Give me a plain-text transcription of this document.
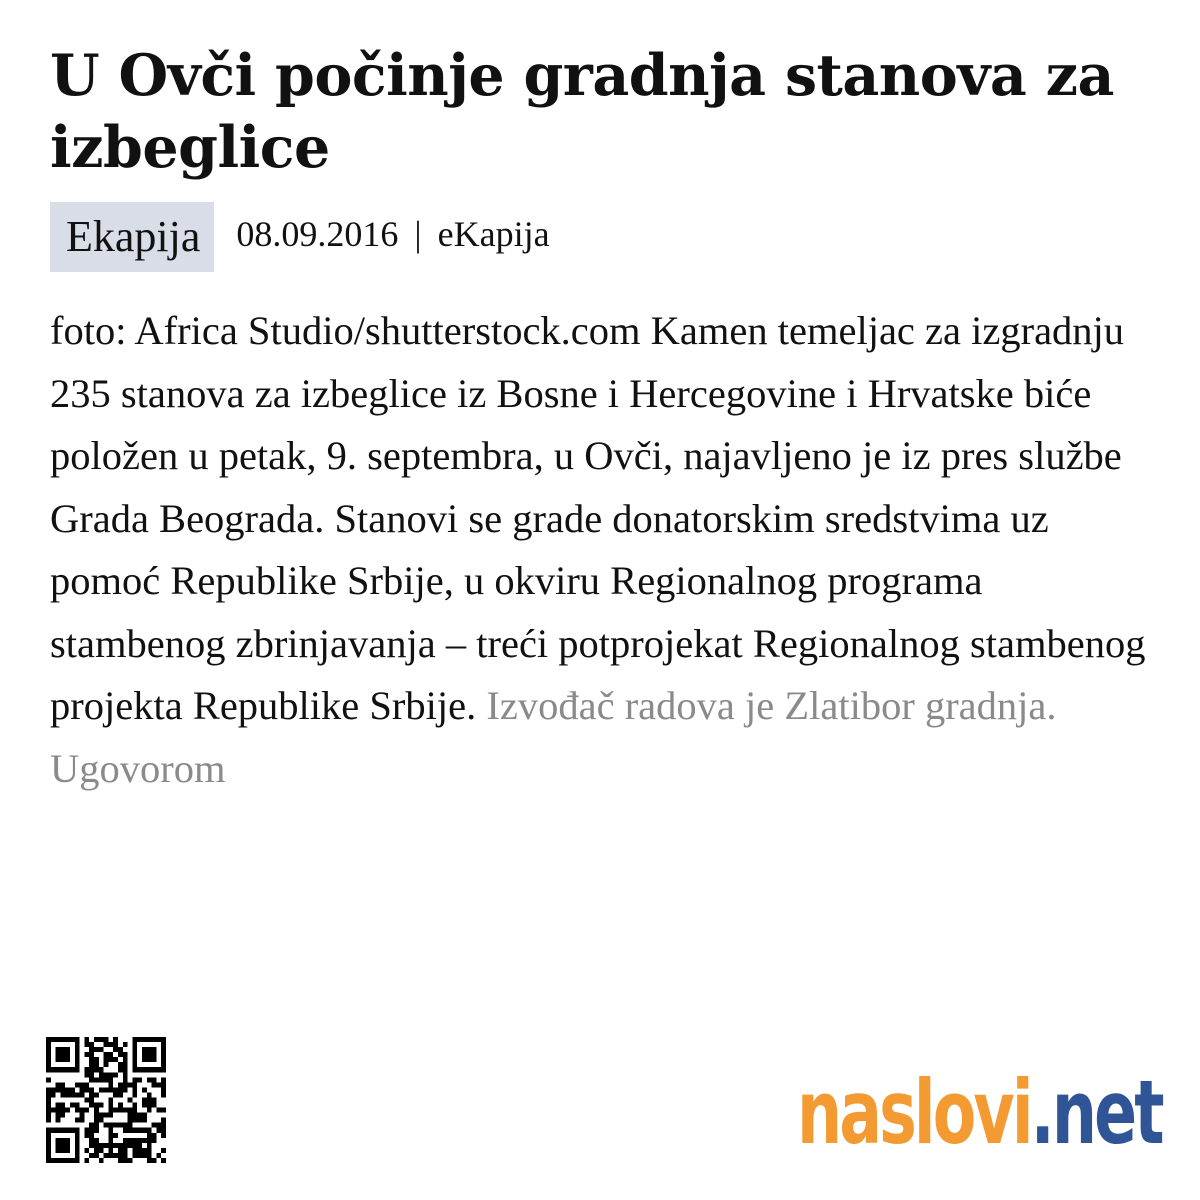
U Ovči počinje gradnja stanova za izbeglice
Ekapija	08.09.2016 | eKapija
foto: Africa Studio/shutterstock.com Kamen temeljac za izgradnju 235 stanova za izbeglice iz Bosne i Hercegovine i Hrvatske biće položen u petak, 9. septembra, u Ovči, najavljeno je iz pres službe Grada Beograda. Stanovi se grade donatorskim sredstvima uz pomoć Republike Srbije, u okviru Regionalnog programa stambenog zbrinjavanja – treći potprojekat Regionalnog stambenog projekta Republike Srbije. Izvođač radova je Zlatibor gradnja. Ugovorom
naslovi.net
